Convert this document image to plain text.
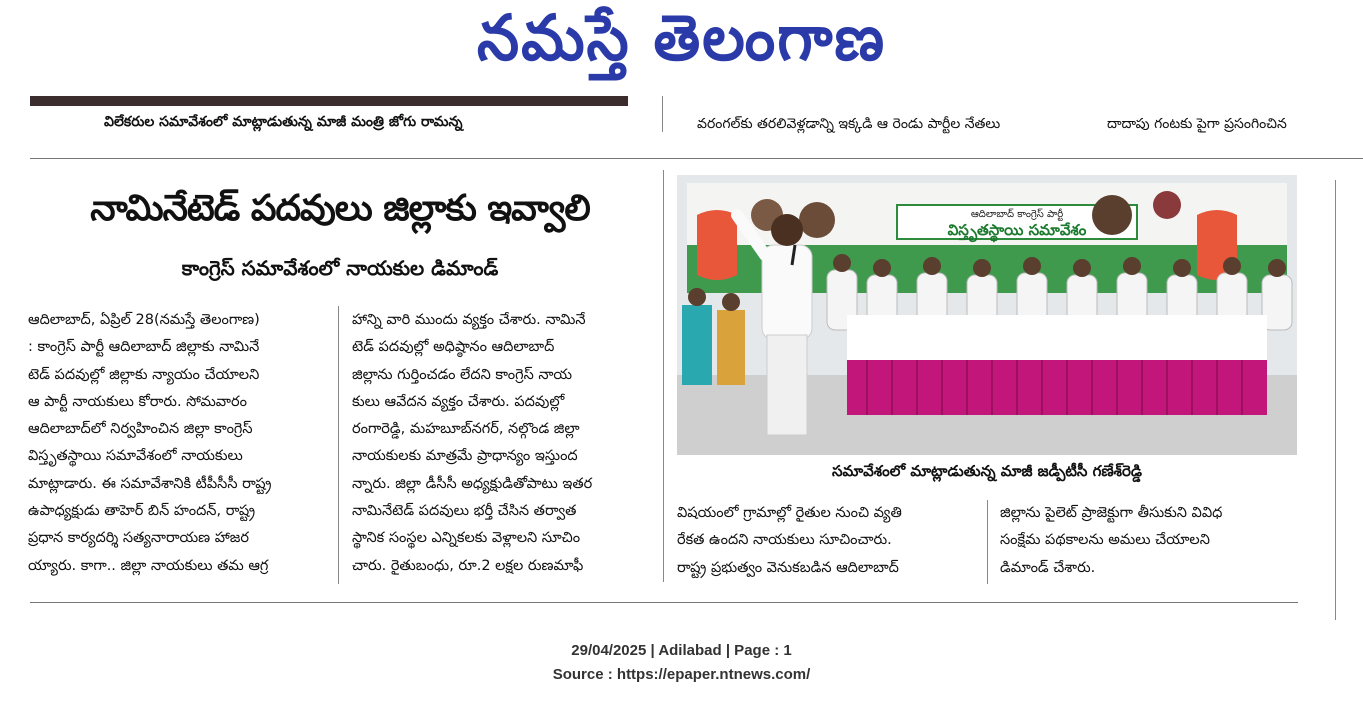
నమస్తే తెలంగాణ
విలేకరుల సమావేశంలో మాట్లాడుతున్న మాజీ మంత్రి జోగు రామన్న	వరంగల్‌కు తరలివెళ్లడాన్ని ఇక్కడి ఆ రెండు పార్టీల నేతలు	దాదాపు గంటకు పైగా ప్రసంగించిన
నామినేటెడ్ పదవులు జిల్లాకు ఇవ్వాలి
కాంగ్రెస్ సమావేశంలో నాయకుల డిమాండ్
ఆదిలాబాద్, ఏప్రిల్ 28(నమస్తే తెలంగాణ)
: కాంగ్రెస్ పార్టీ ఆదిలాబాద్ జిల్లాకు నామినే
టెడ్ పదవుల్లో జిల్లాకు న్యాయం చేయాలని
ఆ పార్టీ నాయకులు కోరారు. సోమవారం
ఆదిలాబాద్‌లో నిర్వహించిన జిల్లా కాంగ్రెస్
విస్తృతస్థాయి సమావేశంలో నాయకులు
మాట్లాడారు. ఈ సమావేశానికి టీపీసీసీ రాష్ట్ర
ఉపాధ్యక్షుడు తాహెర్ బిన్ హందన్, రాష్ట్ర
ప్రధాన కార్యదర్శి సత్యనారాయణ హాజర
య్యారు. కాగా.. జిల్లా నాయకులు తమ ఆగ్ర
హాన్ని వారి ముందు వ్యక్తం చేశారు. నామినే
టెడ్ పదవుల్లో అధిష్ఠానం ఆదిలాబాద్
జిల్లాను గుర్తించడం లేదని కాంగ్రెస్ నాయ
కులు ఆవేదన వ్యక్తం చేశారు. పదవుల్లో
రంగారెడ్డి, మహబూబ్‌నగర్, నల్గొండ జిల్లా
నాయకులకు మాత్రమే ప్రాధాన్యం ఇస్తుంద
న్నారు. జిల్లా డీసీసీ అధ్యక్షుడితోపాటు ఇతర
నామినేటెడ్ పదవులు భర్తీ చేసిన తర్వాత
స్థానిక సంస్థల ఎన్నికలకు వెళ్లాలని సూచిం
చారు. రైతుబంధు, రూ.2 లక్షల రుణమాఫీ
ఆదిలాబాద్ కాంగ్రెస్ పార్టీ
విస్తృతస్థాయి సమావేశం
సమావేశంలో మాట్లాడుతున్న మాజీ జడ్పీటీసీ గణేశ్‌రెడ్డి
విషయంలో గ్రామాల్లో రైతుల నుంచి వ్యతి
రేకత ఉందని నాయకులు సూచించారు.
రాష్ట్ర ప్రభుత్వం వెనుకబడిన ఆదిలాబాద్
జిల్లాను పైలెట్ ప్రాజెక్టుగా తీసుకుని వివిధ
సంక్షేమ పథకాలను అమలు చేయాలని
డిమాండ్ చేశారు.
29/04/2025 | Adilabad | Page : 1
Source : https://epaper.ntnews.com/
